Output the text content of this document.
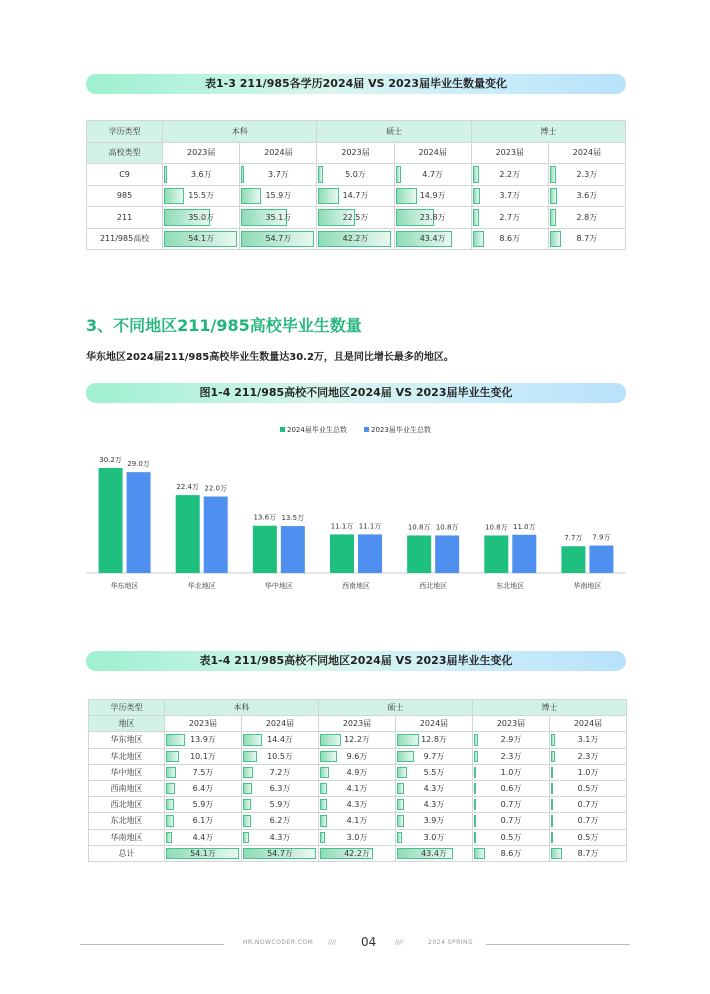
表1-3 211/985各学历2024届 VS 2023届毕业生数量变化
学历类型	本科		硕士		博士	
高校类型	2023届	2024届	2023届	2024届	2023届	2024届
C9	3.6万	3.7万	5.0万	4.7万	2.2万	2.3万
985	15.5万	15.9万	14.7万	14.9万	3.7万	3.6万
211	35.0万	35.1万	22.5万	23.8万	2.7万	2.8万
211/985高校	54.1万	54.7万	42.2万	43.4万	8.6万	8.7万
3、不同地区211/985高校毕业生数量
华东地区2024届211/985高校毕业生数量达30.2万，且是同比增长最多的地区。
图1-4 211/985高校不同地区2024届 VS 2023届毕业生变化
2024届毕业生总数	2023届毕业生总数
30.2万
29.0万
华东地区
22.4万 22.0万
华北地区
13.6万 13.5万
华中地区
11.1万 11.1万
西南地区
10.8万 10.8万
西北地区
10.8万 11.0万
东北地区
7.7万 7.9万
华南地区
表1-4 211/985高校不同地区2024届 VS 2023届毕业生变化
学历类型	本科		硕士		博士	
地区	2023届	2024届	2023届	2024届	2023届	2024届
华东地区	13.9万	14.4万	12.2万	12.8万	2.9万	3.1万
华北地区	10.1万	10.5万	9.6万	9.7万	2.3万	2.3万
华中地区	7.5万	7.2万	4.9万	5.5万	1.0万	1.0万
西南地区	6.4万	6.3万	4.1万	4.3万	0.6万	0.5万
西北地区	5.9万	5.9万	4.3万	4.3万	0.7万	0.7万
东北地区	6.1万	6.2万	4.1万	3.9万	0.7万	0.7万
华南地区	4.4万	4.3万	3.0万	3.0万	0.5万	0.5万
总计	54.1万	54.7万	42.2万	43.4万	8.6万	8.7万
HR.NOWCODER.COM //// 04	////	2024 SPRING
